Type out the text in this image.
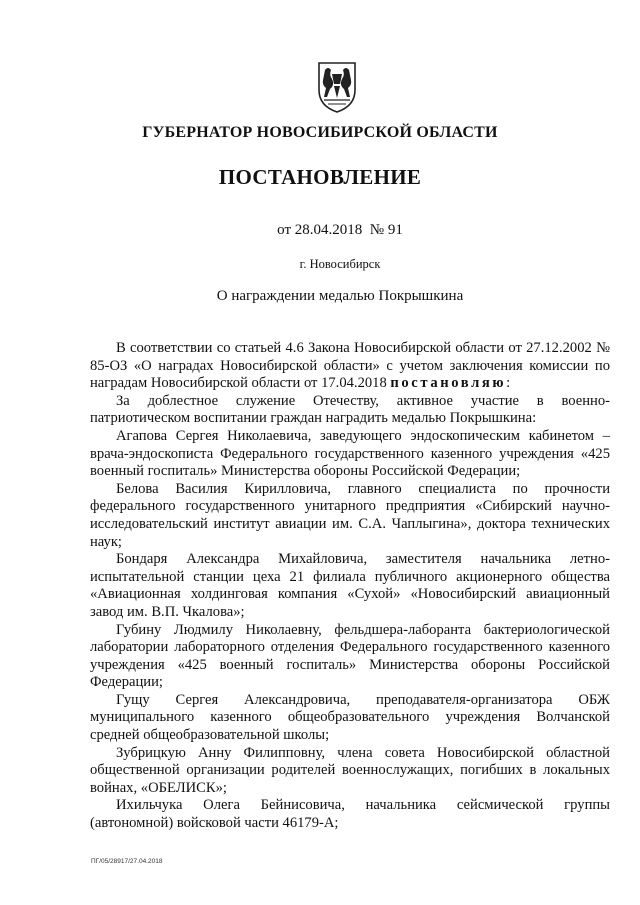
ГУБЕРНАТОР НОВОСИБИРСКОЙ ОБЛАСТИ
ПОСТАНОВЛЕНИЕ
от 28.04.2018 № 91
г. Новосибирск
О награждении медалью Покрышкина

В соответствии со статьей 4.6 Закона Новосибирской области от 27.12.2002 № 85-ОЗ «О наградах Новосибирской области» с учетом заключения комиссии по наградам Новосибирской области от 17.04.2018 постановляю:

За доблестное служение Отечеству, активное участие в военно-патриотическом воспитании граждан наградить медалью Покрышкина:

Агапова Сергея Николаевича, заведующего эндоскопическим кабинетом – врача-эндоскописта Федерального государственного казенного учреждения «425 военный госпиталь» Министерства обороны Российской Федерации;

Белова Василия Кирилловича, главного специалиста по прочности федерального государственного унитарного предприятия «Сибирский научно-исследовательский институт авиации им. С.А. Чаплыгина», доктора технических наук;

Бондаря Александра Михайловича, заместителя начальника летно-испытательной станции цеха 21 филиала публичного акционерного общества «Авиационная холдинговая компания «Сухой» «Новосибирский авиационный завод им. В.П. Чкалова»;

Губину Людмилу Николаевну, фельдшера-лаборанта бактериологической лаборатории лабораторного отделения Федерального государственного казенного учреждения «425 военный госпиталь» Министерства обороны Российской Федерации;

Гущу Сергея Александровича, преподавателя-организатора ОБЖ муниципального казенного общеобразовательного учреждения Волчанской средней общеобразовательной школы;

Зубрицкую Анну Филипповну, члена совета Новосибирской областной общественной организации родителей военнослужащих, погибших в локальных войнах, «ОБЕЛИСК»;

Ихильчука Олега Бейнисовича, начальника сейсмической группы (автономной) войсковой части 46179-А;

ПГ/05/28917/27.04.2018
